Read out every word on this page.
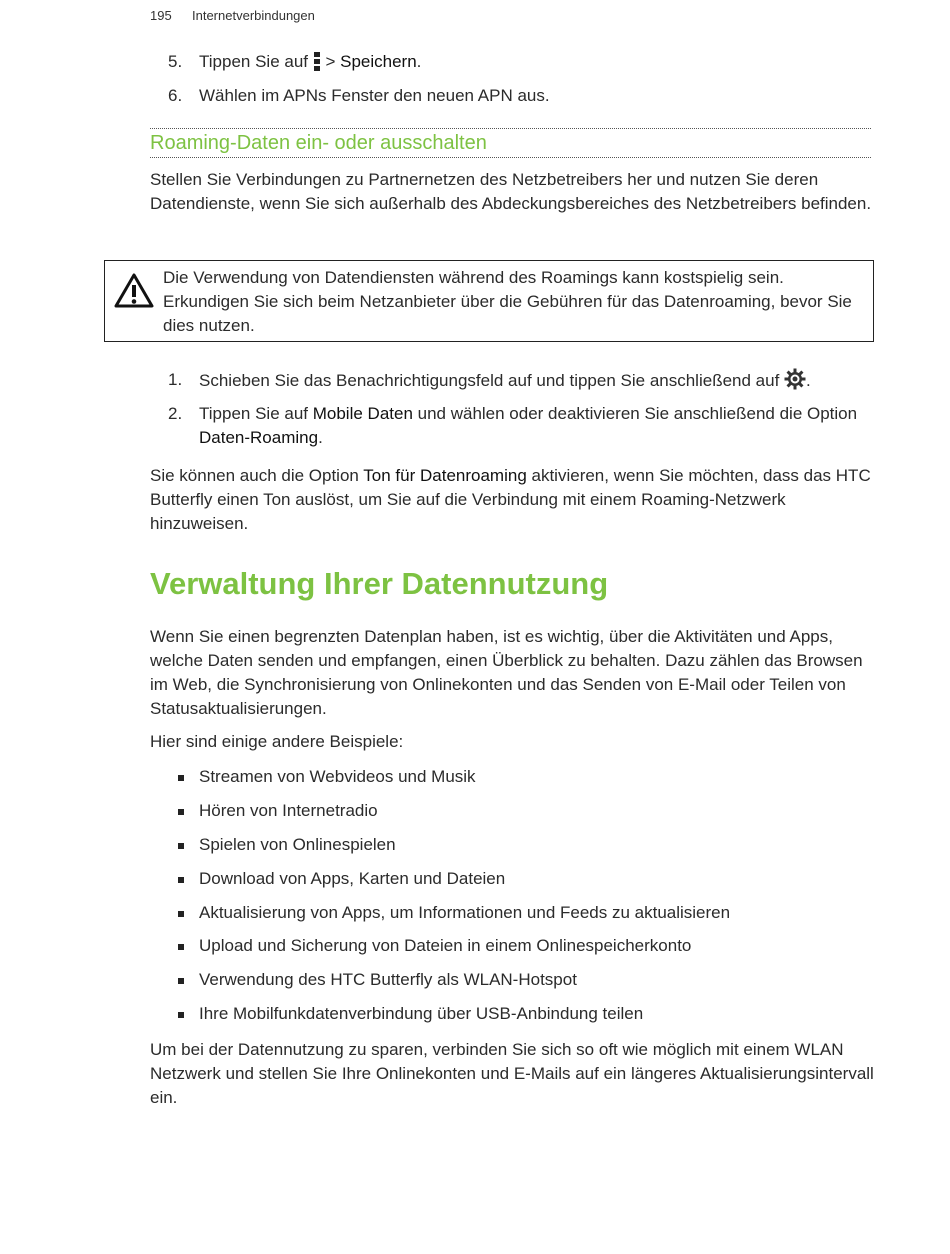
195 Internetverbindungen
5. Tippen Sie auf  > Speichern.
6. Wählen im APNs Fenster den neuen APN aus.
Roaming-Daten ein- oder ausschalten
Stellen Sie Verbindungen zu Partnernetzen des Netzbetreibers her und nutzen Sie deren Datendienste, wenn Sie sich außerhalb des Abdeckungsbereiches des Netzbetreibers befinden.
Die Verwendung von Datendiensten während des Roamings kann kostspielig sein. Erkundigen Sie sich beim Netzanbieter über die Gebühren für das Datenroaming, bevor Sie dies nutzen.
1. Schieben Sie das Benachrichtigungsfeld auf und tippen Sie anschließend auf .
2. Tippen Sie auf Mobile Daten und wählen oder deaktivieren Sie anschließend die Option Daten-Roaming.
Sie können auch die Option Ton für Datenroaming aktivieren, wenn Sie möchten, dass das HTC Butterfly einen Ton auslöst, um Sie auf die Verbindung mit einem Roaming-Netzwerk hinzuweisen.
Verwaltung Ihrer Datennutzung
Wenn Sie einen begrenzten Datenplan haben, ist es wichtig, über die Aktivitäten und Apps, welche Daten senden und empfangen, einen Überblick zu behalten. Dazu zählen das Browsen im Web, die Synchronisierung von Onlinekonten und das Senden von E-Mail oder Teilen von Statusaktualisierungen.
Hier sind einige andere Beispiele:
Streamen von Webvideos und Musik
Hören von Internetradio
Spielen von Onlinespielen
Download von Apps, Karten und Dateien
Aktualisierung von Apps, um Informationen und Feeds zu aktualisieren
Upload und Sicherung von Dateien in einem Onlinespeicherkonto
Verwendung des HTC Butterfly als WLAN-Hotspot
Ihre Mobilfunkdatenverbindung über USB-Anbindung teilen
Um bei der Datennutzung zu sparen, verbinden Sie sich so oft wie möglich mit einem WLAN Netzwerk und stellen Sie Ihre Onlinekonten und E-Mails auf ein längeres Aktualisierungsintervall ein.
